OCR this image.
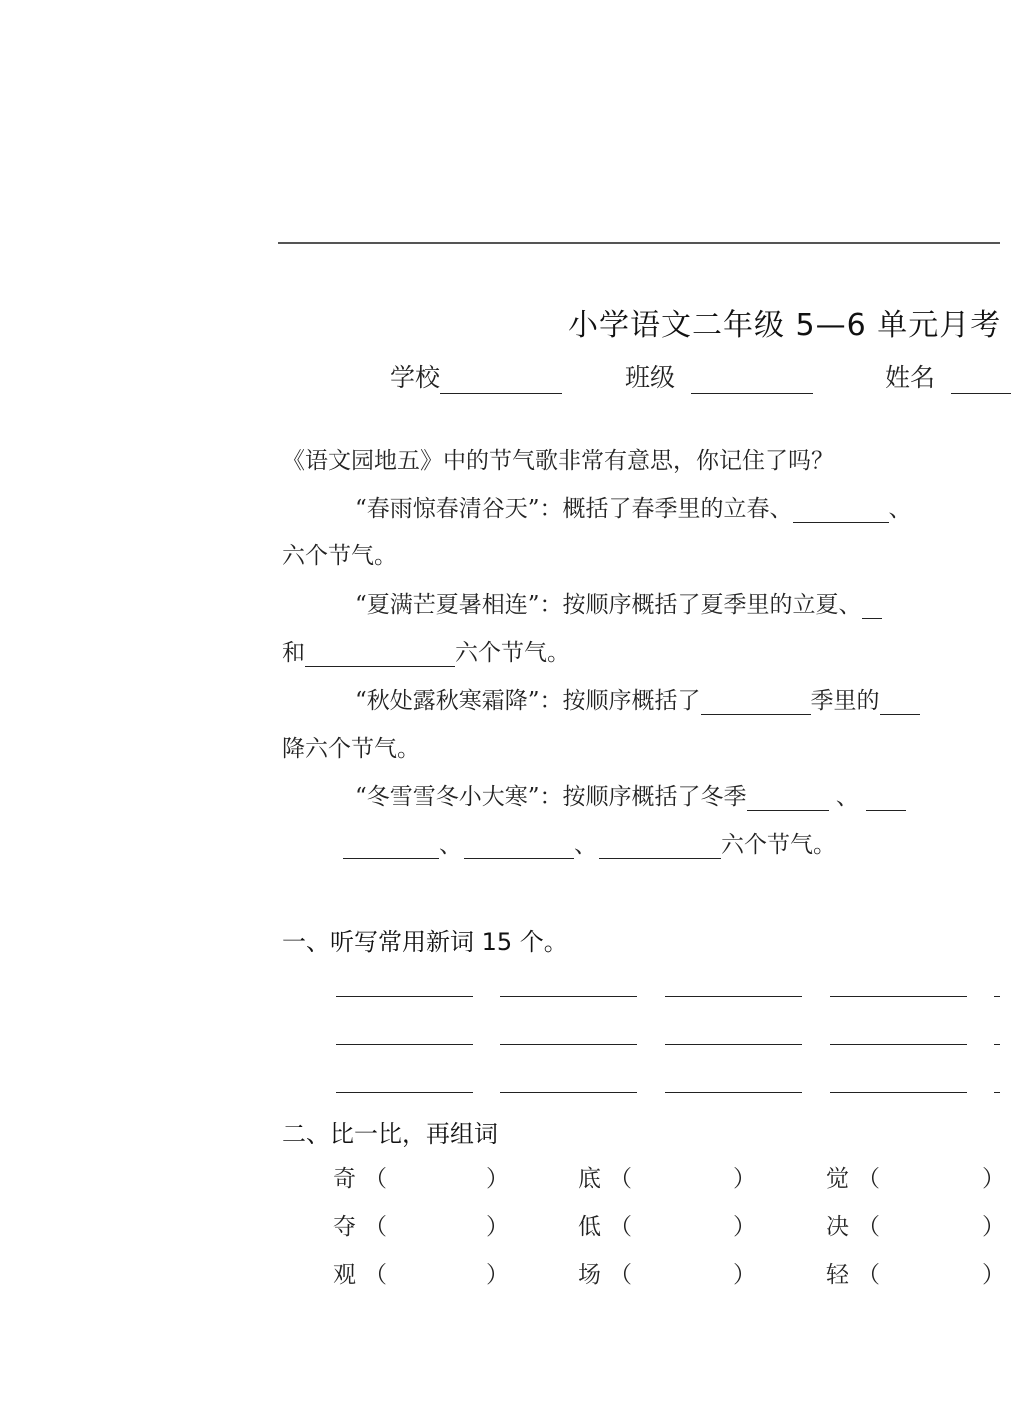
小学语文二年级 5—6 单元月考
学校	班级	姓名
《语文园地五》中的节气歌非常有意思，你记住了吗？
“春雨惊春清谷天”：概括了春季里的立春、	、
六个节气。
“夏满芒夏暑相连”：按顺序概括了夏季里的立夏、
和	六个节气。
“秋处露秋寒霜降”：按顺序概括了	季里的
降六个节气。
“冬雪雪冬小大寒”：按顺序概括了冬季	、
、	、	六个节气。
一、听写常用新词 15 个。
二、比一比，再组词
奇 （	）	底 （	）	觉 （	）
夺 （	）	低 （	）	决 （	）
观 （	）	场 （	）	轻 （	）
